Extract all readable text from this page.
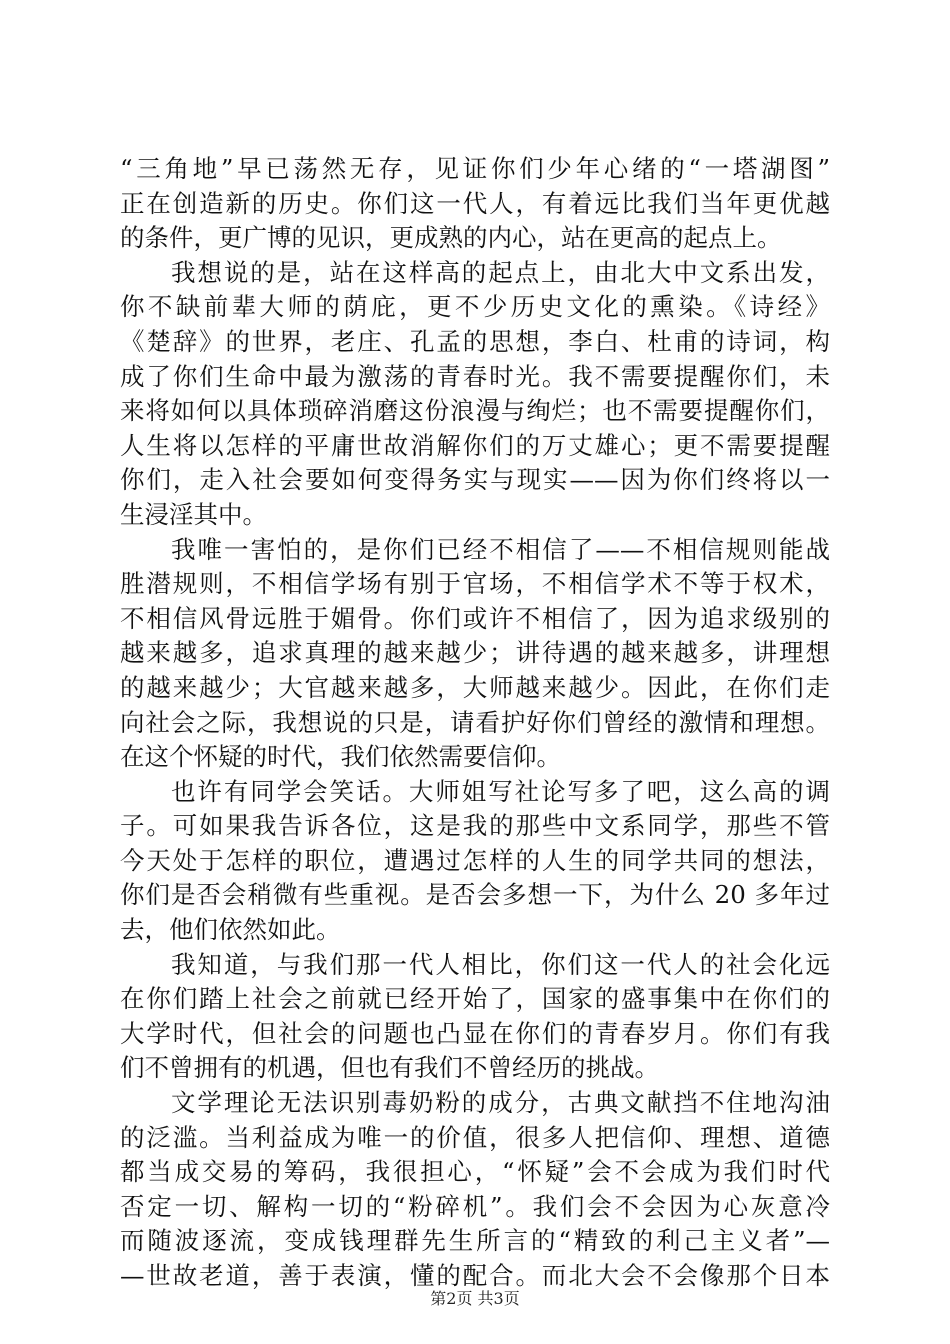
“三角地”早已荡然无存，见证你们少年心绪的“一塔湖图”
正在创造新的历史。你们这一代人，有着远比我们当年更优越
的条件，更广博的见识，更成熟的内心，站在更高的起点上。
我想说的是，站在这样高的起点上，由北大中文系出发，
你不缺前辈大师的荫庇，更不少历史文化的熏染。《诗经》
《楚辞》的世界，老庄、孔孟的思想，李白、杜甫的诗词，构
成了你们生命中最为激荡的青春时光。我不需要提醒你们，未
来将如何以具体琐碎消磨这份浪漫与绚烂；也不需要提醒你们，
人生将以怎样的平庸世故消解你们的万丈雄心；更不需要提醒
你们，走入社会要如何变得务实与现实——因为你们终将以一
生浸淫其中。
我唯一害怕的，是你们已经不相信了——不相信规则能战
胜潜规则，不相信学场有别于官场，不相信学术不等于权术，
不相信风骨远胜于媚骨。你们或许不相信了，因为追求级别的
越来越多，追求真理的越来越少；讲待遇的越来越多，讲理想
的越来越少；大官越来越多，大师越来越少。因此，在你们走
向社会之际，我想说的只是，请看护好你们曾经的激情和理想。
在这个怀疑的时代，我们依然需要信仰。
也许有同学会笑话。大师姐写社论写多了吧，这么高的调
子。可如果我告诉各位，这是我的那些中文系同学，那些不管
今天处于怎样的职位，遭遇过怎样的人生的同学共同的想法，
你们是否会稍微有些重视。是否会多想一下，为什么 20 多年过
去，他们依然如此。
我知道，与我们那一代人相比，你们这一代人的社会化远
在你们踏上社会之前就已经开始了，国家的盛事集中在你们的
大学时代，但社会的问题也凸显在你们的青春岁月。你们有我
们不曾拥有的机遇，但也有我们不曾经历的挑战。
文学理论无法识别毒奶粉的成分，古典文献挡不住地沟油
的泛滥。当利益成为唯一的价值，很多人把信仰、理想、道德
都当成交易的筹码，我很担心，“怀疑”会不会成为我们时代
否定一切、解构一切的“粉碎机”。我们会不会因为心灰意冷
而随波逐流，变成钱理群先生所言的“精致的利己主义者”—
—世故老道，善于表演，懂的配合。而北大会不会像那个日本
第2页 共3页
